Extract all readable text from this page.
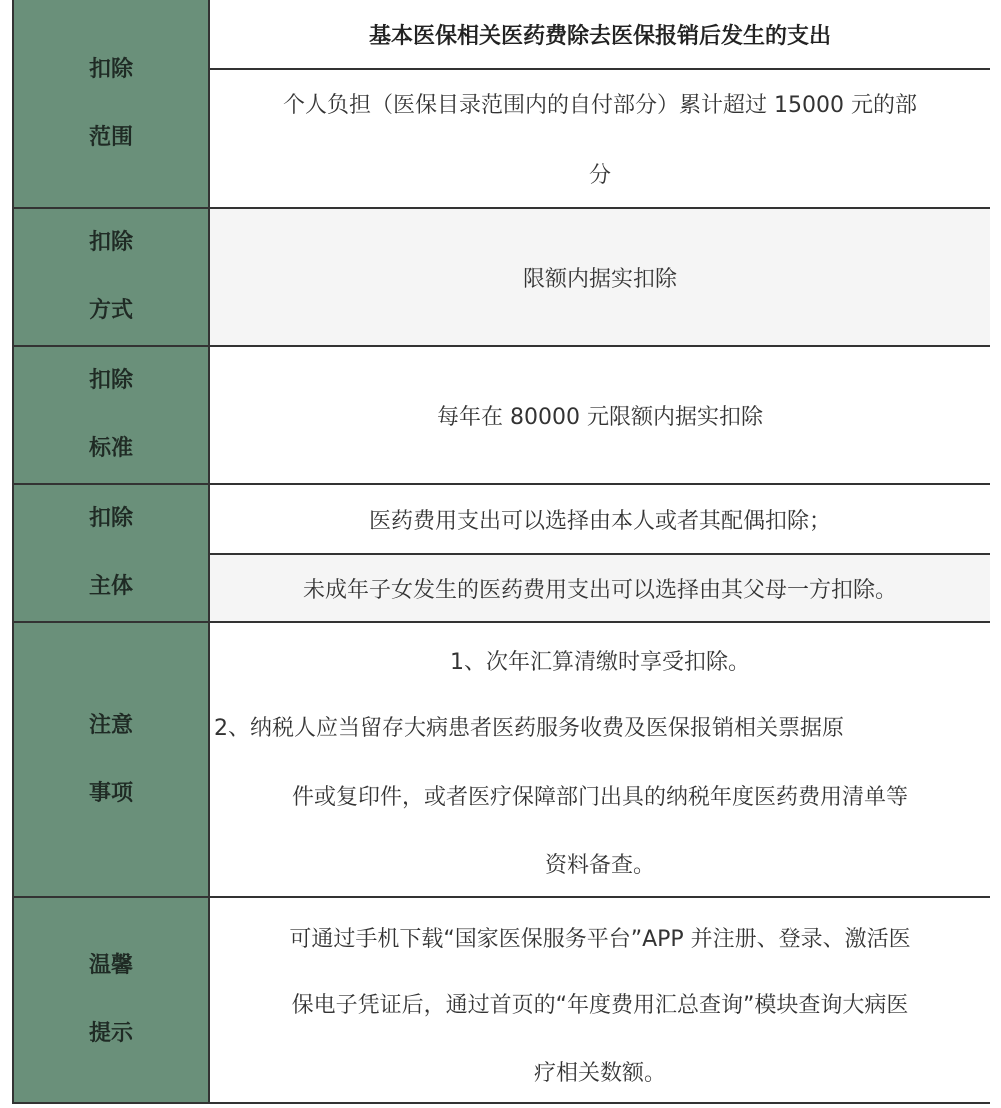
扣除
范围
基本医保相关医药费除去医保报销后发生的支出
个人负担（医保目录范围内的自付部分）累计超过 15000 元的部
分
扣除
方式
限额内据实扣除
扣除
标准
每年在 80000 元限额内据实扣除
扣除
主体
医药费用支出可以选择由本人或者其配偶扣除；
未成年子女发生的医药费用支出可以选择由其父母一方扣除。
注意
事项
1、次年汇算清缴时享受扣除。
2、纳税人应当留存大病患者医药服务收费及医保报销相关票据原
件或复印件，或者医疗保障部门出具的纳税年度医药费用清单等
资料备查。
温馨
提示
可通过手机下载“国家医保服务平台”APP 并注册、登录、激活医
保电子凭证后，通过首页的“年度费用汇总查询”模块查询大病医
疗相关数额。
